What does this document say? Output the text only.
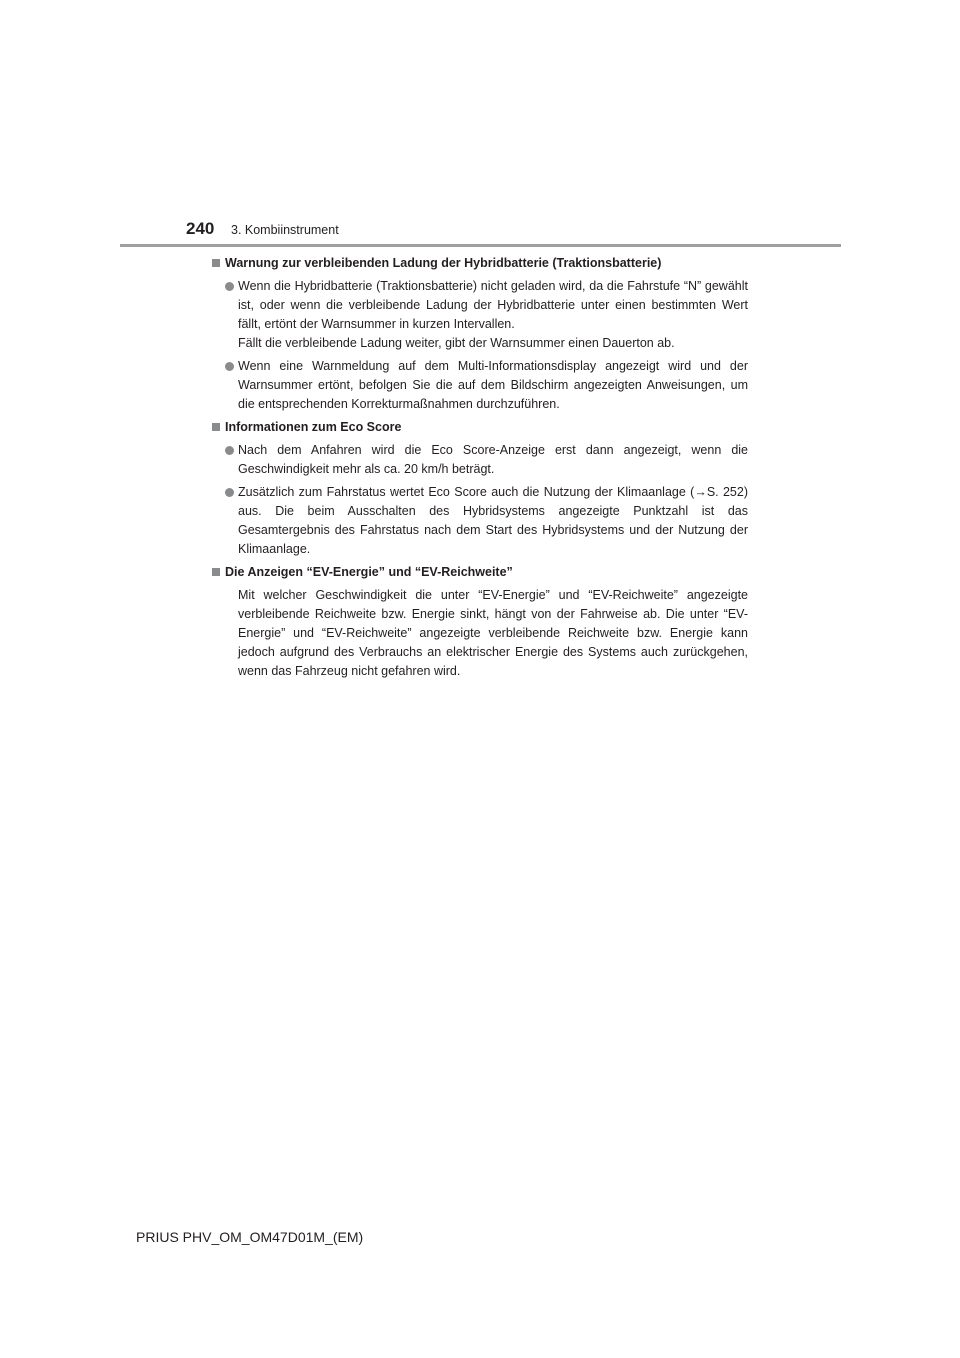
240 3. Kombiinstrument
Warnung zur verbleibenden Ladung der Hybridbatterie (Traktionsbatterie)

Wenn die Hybridbatterie (Traktionsbatterie) nicht geladen wird, da die Fahrstufe “N” gewählt ist, oder wenn die verbleibende Ladung der Hybridbatterie unter einen bestimmten Wert fällt, ertönt der Warnsummer in kurzen Intervallen.

Fällt die verbleibende Ladung weiter, gibt der Warnsummer einen Dauerton ab.

Wenn eine Warnmeldung auf dem Multi-Informationsdisplay angezeigt wird und der Warnsummer ertönt, befolgen Sie die auf dem Bildschirm angezeigten Anweisungen, um die entsprechenden Korrekturmaßnahmen durchzuführen.

Informationen zum Eco Score

Nach dem Anfahren wird die Eco Score-Anzeige erst dann angezeigt, wenn die Geschwindigkeit mehr als ca. 20 km/h beträgt.

Zusätzlich zum Fahrstatus wertet Eco Score auch die Nutzung der Klimaanlage (→S. 252) aus. Die beim Ausschalten des Hybridsystems angezeigte Punktzahl ist das Gesamtergebnis des Fahrstatus nach dem Start des Hybridsystems und der Nutzung der Klimaanlage.

Die Anzeigen “EV-Energie” und “EV-Reichweite”

Mit welcher Geschwindigkeit die unter “EV-Energie” und “EV-Reichweite” angezeigte verbleibende Reichweite bzw. Energie sinkt, hängt von der Fahrweise ab. Die unter “EV-Energie” und “EV-Reichweite” angezeigte verbleibende Reichweite bzw. Energie kann jedoch aufgrund des Verbrauchs an elektrischer Energie des Systems auch zurückgehen, wenn das Fahrzeug nicht gefahren wird.

PRIUS PHV_OM_OM47D01M_(EM)
